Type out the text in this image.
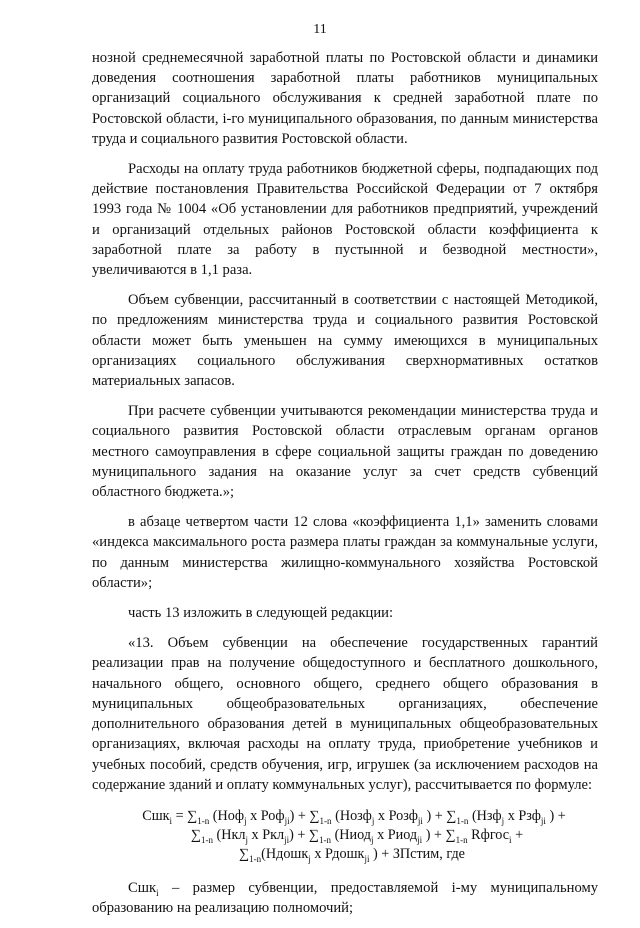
11

нозной среднемесячной заработной платы по Ростовской области и динамики доведения соотношения заработной платы работников муниципальных организаций социального обслуживания к средней заработной плате по Ростовской области, i-го муниципального образования, по данным министерства труда и социального развития Ростовской области.

Расходы на оплату труда работников бюджетной сферы, подпадающих под действие постановления Правительства Российской Федерации от 7 октября 1993 года № 1004 «Об установлении для работников предприятий, учреждений и организаций отдельных районов Ростовской области коэффициента к заработной плате за работу в пустынной и безводной местности», увеличиваются в 1,1 раза.

Объем субвенции, рассчитанный в соответствии с настоящей Методикой, по предложениям министерства труда и социального развития Ростовской области может быть уменьшен на сумму имеющихся в муниципальных организациях социального обслуживания сверхнормативных остатков материальных запасов.

При расчете субвенции учитываются рекомендации министерства труда и социального развития Ростовской области отраслевым органам органов местного самоуправления в сфере социальной защиты граждан по доведению муниципального задания на оказание услуг за счет средств субвенций областного бюджета.»;

в абзаце четвертом части 12 слова «коэффициента 1,1» заменить словами «индекса максимального роста размера платы граждан за коммунальные услуги, по данным министерства жилищно-коммунального хозяйства Ростовской области»;

часть 13 изложить в следующей редакции:

«13. Объем субвенции на обеспечение государственных гарантий реализации прав на получение общедоступного и бесплатного дошкольного, начального общего, основного общего, среднего общего образования в муниципальных общеобразовательных организациях, обеспечение дополнительного образования детей в муниципальных общеобразовательных организациях, включая расходы на оплату труда, приобретение учебников и учебных пособий, средств обучения, игр, игрушек (за исключением расходов на содержание зданий и оплату коммунальных услуг), рассчитывается по формуле:

$Сшк_i = \sum_{1-n}$ (Ноф$_j$ х $Роф_{ji}) + \sum_{1-n}$ (Нозф$_j$ х Розф$_{ji}$ ) + $\sum_{1-n}$ (Нзф$_j$ х Рзф$_{ji}$ ) +
$\sum_{1-n}$ (Нкл$_j$ х $Ркл_{ji}) + \sum_{1-n}$ (Ниод$_j$ х Риод$_{ji}$ ) + $\sum_{1-n}$ Rфгос$_i$ +
$\sum_{1-n}(Ндошк_j$ х Рдошк$_{ji}$ ) + ЗПстим, где

Сшк$_i$ – размер субвенции, предоставляемой i-му муниципальному образованию на реализацию полномочий;
